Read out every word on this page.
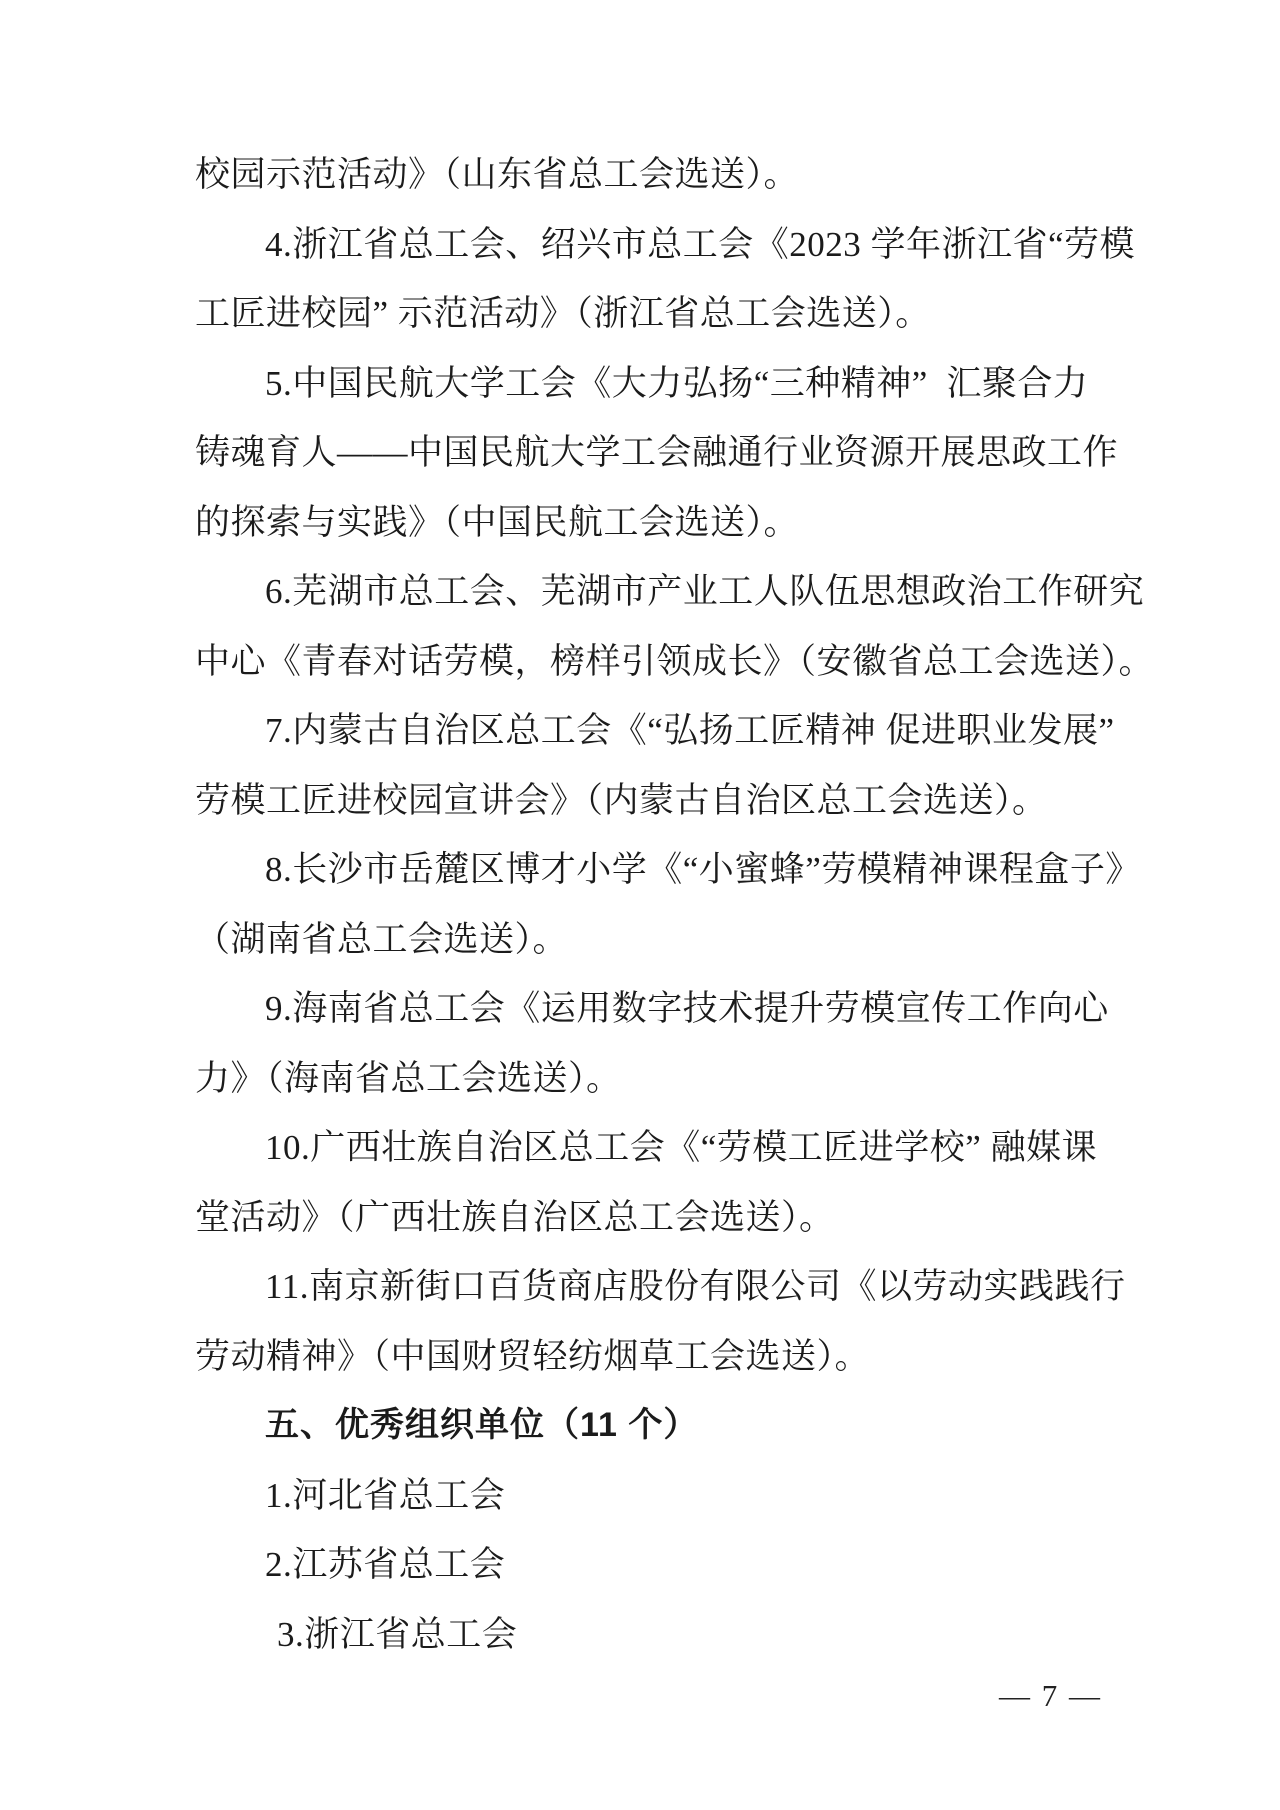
校园示范活动》（山东省总工会选送）。
4.浙江省总工会、绍兴市总工会《2023 学年浙江省“劳模
工匠进校园” 示范活动》（浙江省总工会选送）。
5.中国民航大学工会《大力弘扬“三种精神”  汇聚合力
铸魂育人——中国民航大学工会融通行业资源开展思政工作
的探索与实践》（中国民航工会选送）。
6.芜湖市总工会、芜湖市产业工人队伍思想政治工作研究
中心《青春对话劳模，榜样引领成长》（安徽省总工会选送）。
7.内蒙古自治区总工会《“弘扬工匠精神 促进职业发展”
劳模工匠进校园宣讲会》（内蒙古自治区总工会选送）。
8.长沙市岳麓区博才小学《“小蜜蜂”劳模精神课程盒子》
（湖南省总工会选送）。
9.海南省总工会《运用数字技术提升劳模宣传工作向心
力》（海南省总工会选送）。
10.广西壮族自治区总工会《“劳模工匠进学校” 融媒课
堂活动》（广西壮族自治区总工会选送）。
11.南京新街口百货商店股份有限公司《以劳动实践践行
劳动精神》（中国财贸轻纺烟草工会选送）。
五、优秀组织单位（11 个）
1.河北省总工会
2.江苏省总工会
3.浙江省总工会
— 7 —
